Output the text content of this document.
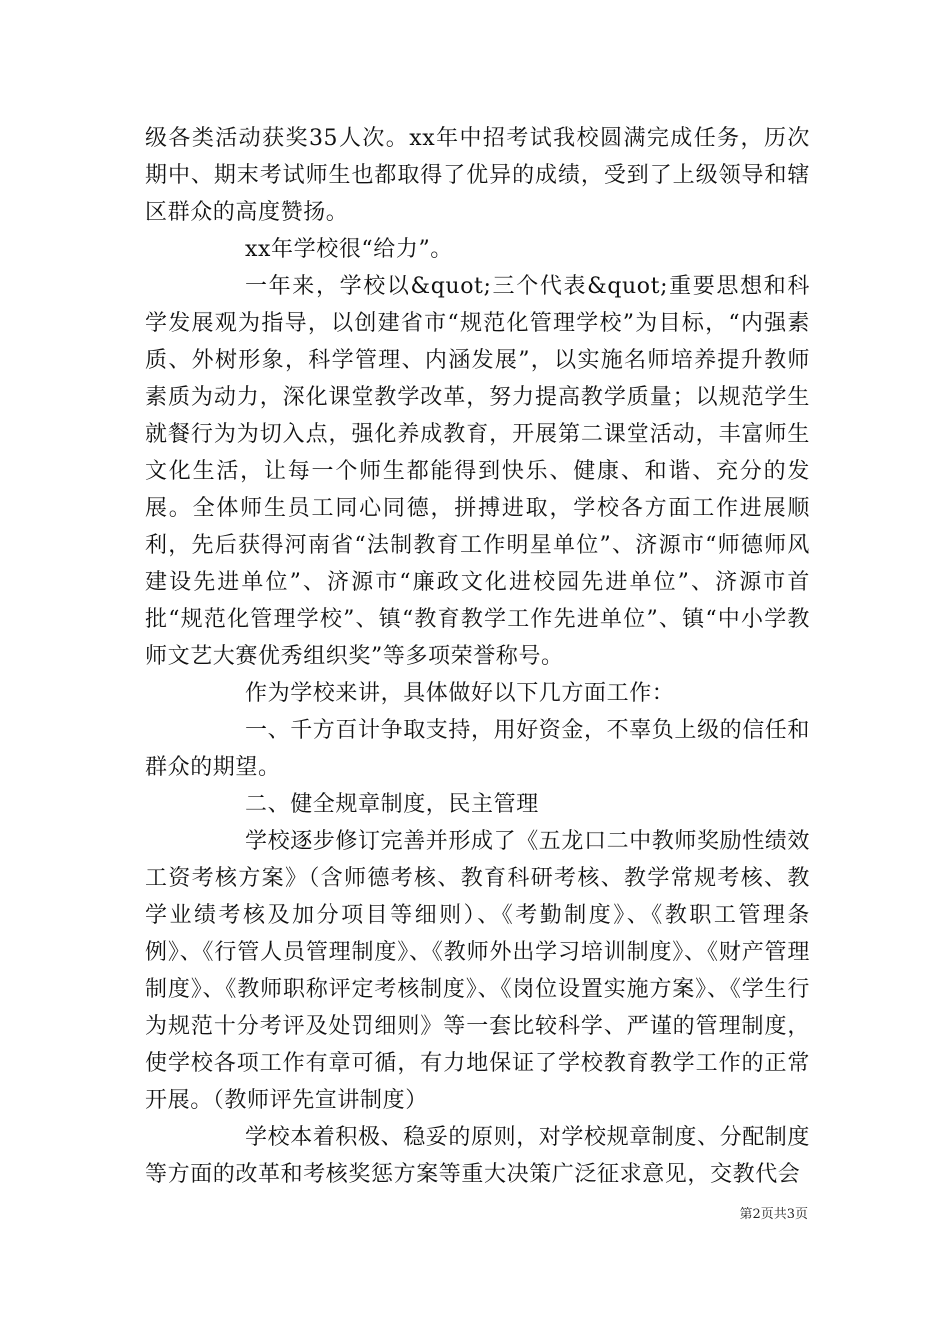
级各类活动获奖35人次。xx年中招考试我校圆满完成任务，历次期中、期末考试师生也都取得了优异的成绩，受到了上级领导和辖区群众的高度赞扬。

xx年学校很“给力”。

一年来，学校以&quot;三个代表&quot;重要思想和科学发展观为指导，以创建省市“规范化管理学校”为目标，“内强素质、外树形象，科学管理、内涵发展”，以实施名师培养提升教师素质为动力，深化课堂教学改革，努力提高教学质量；以规范学生就餐行为为切入点，强化养成教育，开展第二课堂活动，丰富师生文化生活，让每一个师生都能得到快乐、健康、和谐、充分的发展。全体师生员工同心同德，拼搏进取，学校各方面工作进展顺利，先后获得河南省“法制教育工作明星单位”、济源市“师德师风建设先进单位”、济源市“廉政文化进校园先进单位”、济源市首批“规范化管理学校”、镇“教育教学工作先进单位”、镇“中小学教师文艺大赛优秀组织奖”等多项荣誉称号。

作为学校来讲，具体做好以下几方面工作：

一、千方百计争取支持，用好资金，不辜负上级的信任和群众的期望。

二、健全规章制度，民主管理

学校逐步修订完善并形成了《五龙口二中教师奖励性绩效工资考核方案》（含师德考核、教育科研考核、教学常规考核、教学业绩考核及加分项目等细则）、《考勤制度》、《教职工管理条例》、《行管人员管理制度》、《教师外出学习培训制度》、《财产管理制度》、《教师职称评定考核制度》、《岗位设置实施方案》、《学生行为规范十分考评及处罚细则》等一套比较科学、严谨的管理制度，使学校各项工作有章可循，有力地保证了学校教育教学工作的正常开展。（教师评先宣讲制度）

学校本着积极、稳妥的原则，对学校规章制度、分配制度等方面的改革和考核奖惩方案等重大决策广泛征求意见，交教代会

第2页共3页
